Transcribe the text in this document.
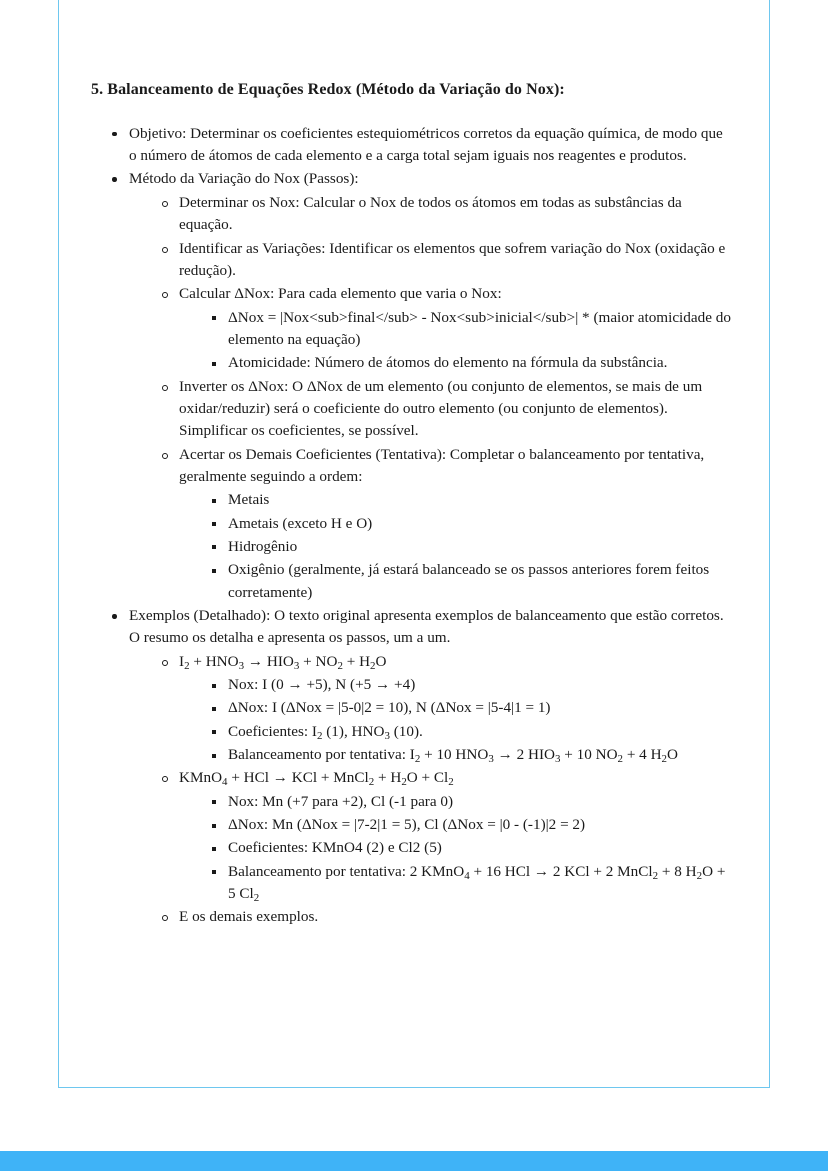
5. Balanceamento de Equações Redox (Método da Variação do Nox):
Objetivo: Determinar os coeficientes estequiométricos corretos da equação química, de modo que o número de átomos de cada elemento e a carga total sejam iguais nos reagentes e produtos.
Método da Variação do Nox (Passos):
Determinar os Nox: Calcular o Nox de todos os átomos em todas as substâncias da equação.
Identificar as Variações: Identificar os elementos que sofrem variação do Nox (oxidação e redução).
Calcular ΔNox: Para cada elemento que varia o Nox:
ΔNox = |Nox<sub>final</sub> - Nox<sub>inicial</sub>| * (maior atomicidade do elemento na equação)
Atomicidade: Número de átomos do elemento na fórmula da substância.
Inverter os ΔNox: O ΔNox de um elemento (ou conjunto de elementos, se mais de um oxidar/reduzir) será o coeficiente do outro elemento (ou conjunto de elementos). Simplificar os coeficientes, se possível.
Acertar os Demais Coeficientes (Tentativa): Completar o balanceamento por tentativa, geralmente seguindo a ordem:
Metais
Ametais (exceto H e O)
Hidrogênio
Oxigênio (geralmente, já estará balanceado se os passos anteriores forem feitos corretamente)
Exemplos (Detalhado): O texto original apresenta exemplos de balanceamento que estão corretos. O resumo os detalha e apresenta os passos, um a um.
$I_2 + HNO_3 \to HIO_3 + NO_2 + H_2O$
Nox: I (0 → +5), N (+5 → +4)
ΔNox: I (ΔNox = |5-0|2 = 10), N (ΔNox = |5-4|1 = 1)
Coeficientes: $I_2$ (1), $HNO_3$ (10).
Balanceamento por tentativa: $I_2 + 10$ $HNO_3 \to 2$ $HIO_3 + 10$ $NO_2 + 4$ $H_2O$
KMnO$_4$ + HCl → KCl + MnCl$_2$ + $H_2O + Cl_2$
Nox: Mn (+7 para +2), Cl (-1 para 0)
ΔNox: Mn (ΔNox = |7-2|1 = 5), Cl (ΔNox = |0 - (-1)|2 = 2)
Coeficientes: KMnO4 (2) e Cl2 (5)
Balanceamento por tentativa: 2 KMnO$_4$ + 16 HCl → 2 KCl + 2 MnCl$_2$ + 8 $H_2O + 5$ $Cl_2$
E os demais exemplos.
